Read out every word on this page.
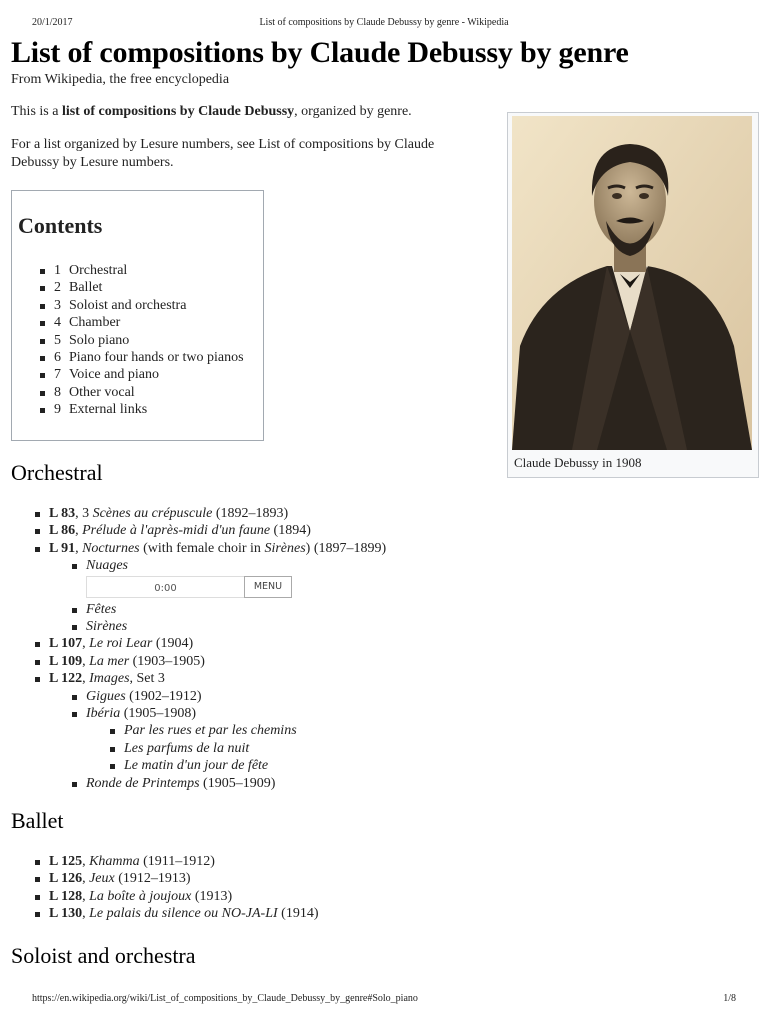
20/1/2017	List of compositions by Claude Debussy by genre - Wikipedia
List of compositions by Claude Debussy by genre
From Wikipedia, the free encyclopedia

This is a list of compositions by Claude Debussy, organized by genre.

For a list organized by Lesure numbers, see List of compositions by Claude Debussy by Lesure numbers.

Contents
1 Orchestral
2 Ballet
3 Soloist and orchestra
4 Chamber
5 Solo piano
6 Piano four hands or two pianos
7 Voice and piano
8 Other vocal
9 External links
Claude Debussy in 1908
Orchestral
L 83, 3 Scènes au crépuscule (1892–1893)
L 86, Prélude à l'après-midi d'un faune (1894)
L 91, Nocturnes (with female choir in Sirènes) (1897–1899)
Nuages
0:00	MENU
Fêtes
Sirènes
L 107, Le roi Lear (1904)
L 109, La mer (1903–1905)
L 122, Images, Set 3
Gigues (1902–1912)
Ibéria (1905–1908)
Par les rues et par les chemins
Les parfums de la nuit
Le matin d'un jour de fête
Ronde de Printemps (1905–1909)
Ballet
L 125, Khamma (1911–1912)
L 126, Jeux (1912–1913)
L 128, La boîte à joujoux (1913)
L 130, Le palais du silence ou NO-JA-LI (1914)
Soloist and orchestra
https://en.wikipedia.org/wiki/List_of_compositions_by_Claude_Debussy_by_genre#Solo_piano	1/8
